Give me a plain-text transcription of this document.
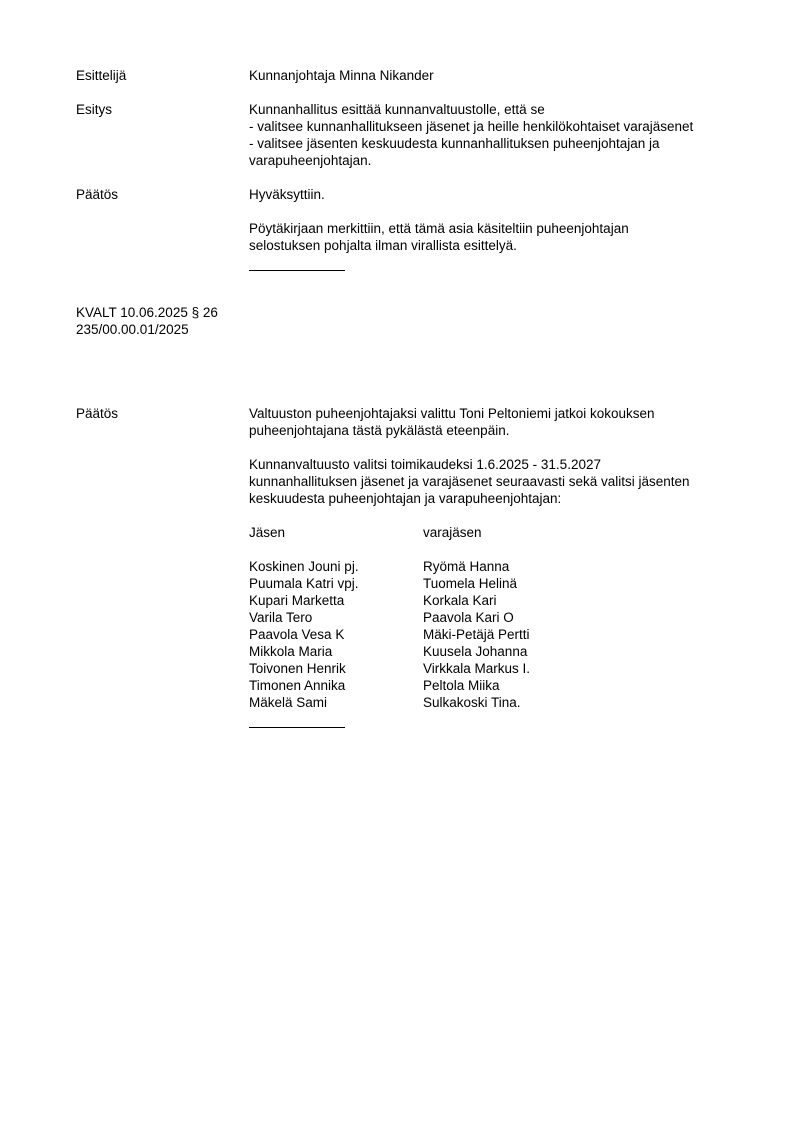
Esittelijä	Kunnanjohtaja Minna Nikander
Esitys	Kunnanhallitus esittää kunnanvaltuustolle, että se
- valitsee kunnanhallitukseen jäsenet ja heille henkilökohtaiset varajäsenet
- valitsee jäsenten keskuudesta kunnanhallituksen puheenjohtajan ja
varapuheenjohtajan.
Päätös	Hyväksyttiin.
Pöytäkirjaan merkittiin, että tämä asia käsiteltiin puheenjohtajan
selostuksen pohjalta ilman virallista esittelyä.
KVALT 10.06.2025 § 26
235/00.00.01/2025
Päätös	Valtuuston puheenjohtajaksi valittu Toni Peltoniemi jatkoi kokouksen
puheenjohtajana tästä pykälästä eteenpäin.
Kunnanvaltuusto valitsi toimikaudeksi 1.6.2025 - 31.5.2027
kunnanhallituksen jäsenet ja varajäsenet seuraavasti sekä valitsi jäsenten
keskuudesta puheenjohtajan ja varapuheenjohtajan:
Jäsen	varajäsen
Koskinen Jouni pj.	Ryömä Hanna
Puumala Katri vpj.	Tuomela Helinä
Kupari Marketta	Korkala Kari
Varila Tero	Paavola Kari O
Paavola Vesa K	Mäki-Petäjä Pertti
Mikkola Maria	Kuusela Johanna
Toivonen Henrik	Virkkala Markus I.
Timonen Annika	Peltola Miika
Mäkelä Sami	Sulkakoski Tina.
